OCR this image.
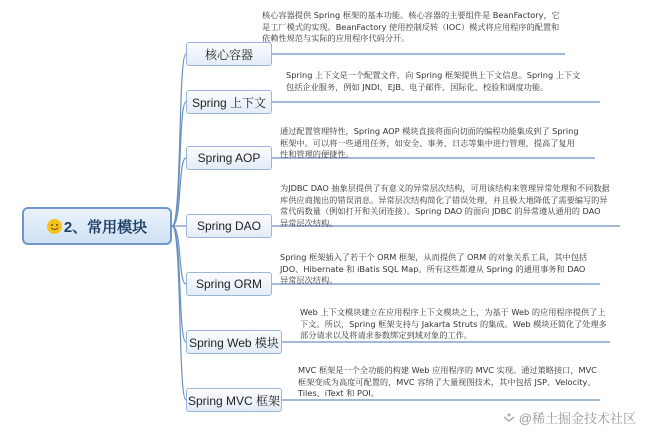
2、常用模块
核心容器
Spring 上下文
Spring AOP
Spring DAO
Spring ORM
Spring Web 模块
Spring MVC 框架
核心容器提供 Spring 框架的基本功能。核心容器的主要组件是 BeanFactory，它是工厂模式的实现。BeanFactory 使用控制反转（IOC）模式将应用程序的配置和依赖性规范与实际的应用程序代码分开。
Spring 上下文是一个配置文件，向 Spring 框架提供上下文信息。Spring 上下文包括企业服务，例如 JNDI、EJB、电子邮件、国际化、校验和调度功能。
通过配置管理特性，Spring AOP 模块直接将面向切面的编程功能集成到了 Spring 框架中。可以将一些通用任务，如安全、事务、日志等集中进行管理，提高了复用性和管理的便捷性。
为JDBC DAO 抽象层提供了有意义的异常层次结构，可用该结构来管理异常处理和不同数据库供应商抛出的错误消息。异常层次结构简化了错误处理，并且极大地降低了需要编写的异常代码数量（例如打开和关闭连接）。Spring DAO 的面向 JDBC 的异常遵从通用的 DAO 异常层次结构。
Spring 框架插入了若干个 ORM 框架，从而提供了 ORM 的对象关系工具，其中包括 JDO、Hibernate 和 iBatis SQL Map。所有这些都遵从 Spring 的通用事务和 DAO 异常层次结构。
Web 上下文模块建立在应用程序上下文模块之上，为基于 Web 的应用程序提供了上下文。所以，Spring 框架支持与 Jakarta Struts 的集成。Web 模块还简化了处理多部分请求以及将请求参数绑定到域对象的工作。
MVC 框架是一个全功能的构建 Web 应用程序的 MVC 实现。通过策略接口，MVC 框架变成为高度可配置的，MVC 容纳了大量视图技术，其中包括 JSP、Velocity、Tiles、iText 和 POI。
@稀土掘金技术社区
